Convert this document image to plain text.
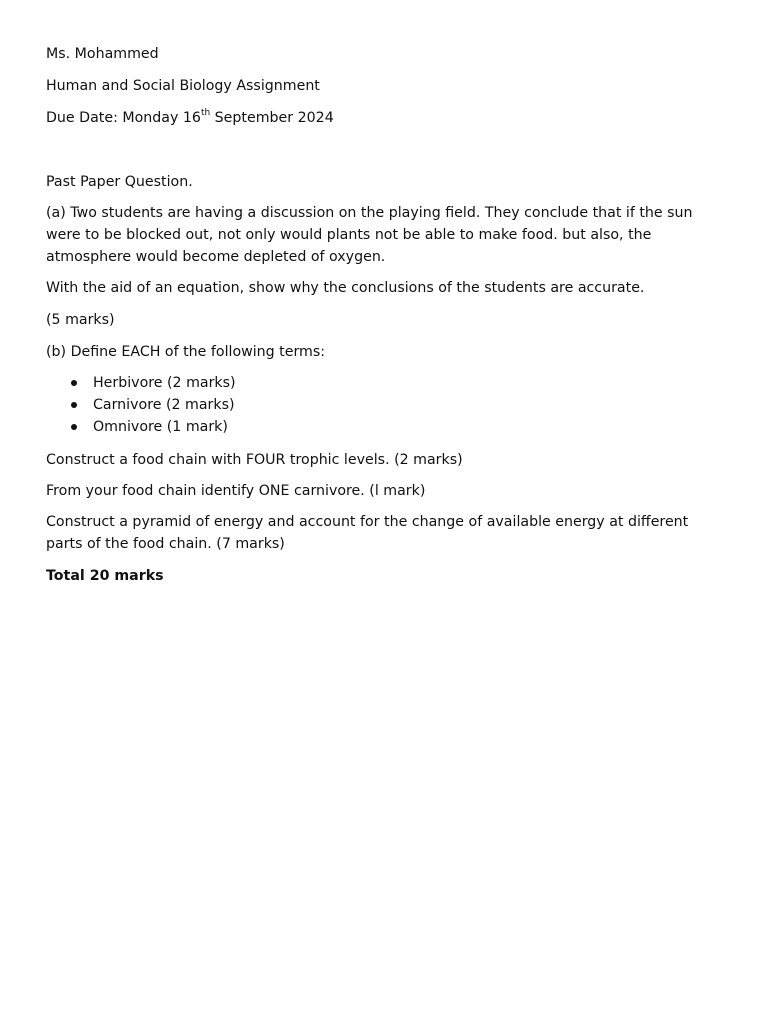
Ms. Mohammed
Human and Social Biology Assignment
Due Date: Monday 16th September 2024
Past Paper Question.
(a) Two students are having a discussion on the playing field. They conclude that if the sun were to be blocked out, not only would plants not be able to make food. but also, the atmosphere would become depleted of oxygen.
With the aid of an equation, show why the conclusions of the students are accurate.
(5 marks)
(b) Define EACH of the following terms:
Herbivore (2 marks)
Carnivore (2 marks)
Omnivore (1 mark)
Construct a food chain with FOUR trophic levels. (2 marks)
From your food chain identify ONE carnivore. (l mark)
Construct a pyramid of energy and account for the change of available energy at different parts of the food chain. (7 marks)
Total 20 marks
